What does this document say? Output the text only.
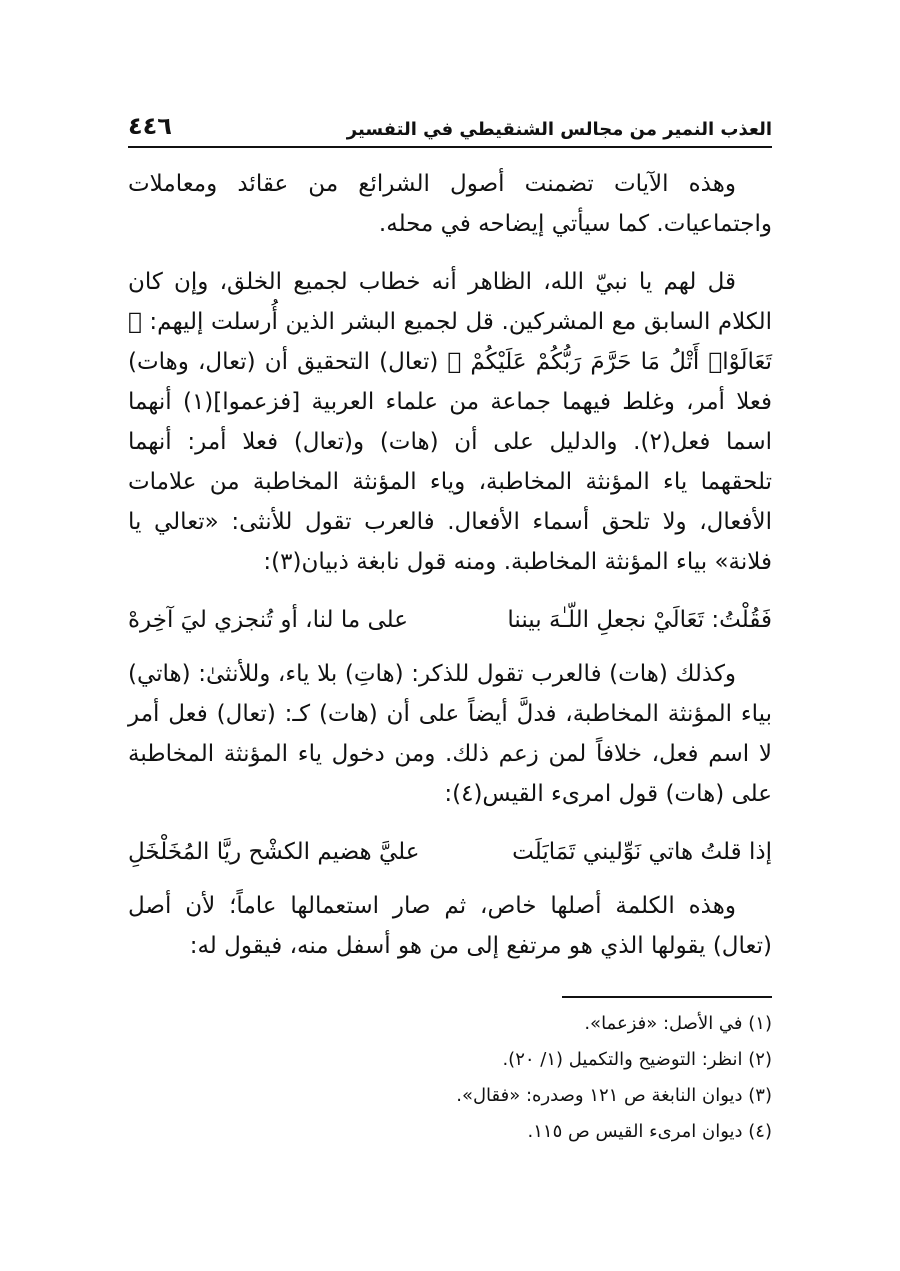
العذب النمير من مجالس الشنقيطي في التفسير
٤٤٦

وهذه الآيات تضمنت أصول الشرائع من عقائد ومعاملات واجتماعيات. كما سيأتي إيضاحه في محله.

قل لهم يا نبيّ الله، الظاهر أنه خطاب لجميع الخلق، وإن كان الكلام السابق مع المشركين. قل لجميع البشر الذين أُرسلت إليهم: ﴿ تَعَالَوْا۟ أَتْلُ مَا حَرَّمَ رَبُّكُمْ عَلَيْكُمْ ﴾ (تعال) التحقيق أن (تعال، وهات) فعلا أمر، وغلط فيهما جماعة من علماء العربية [فزعموا](١) أنهما اسما فعل(٢). والدليل على أن (هات) و(تعال) فعلا أمر: أنهما تلحقهما ياء المؤنثة المخاطبة، وياء المؤنثة المخاطبة من علامات الأفعال، ولا تلحق أسماء الأفعال. فالعرب تقول للأنثى: «تعالي يا فلانة» بياء المؤنثة المخاطبة. ومنه قول نابغة ذبيان(٣):

فَقُلْتُ: تَعَالَيْ نجعلِ اللّـٰهَ بيننا
على ما لنا، أو تُنجزي ليَ آخِرهْ

وكذلك (هات) فالعرب تقول للذكر: (هاتِ) بلا ياء، وللأنثىٰ: (هاتي) بياء المؤنثة المخاطبة، فدلَّ أيضاً على أن (هات) كـ: (تعال) فعل أمر لا اسم فعل، خلافاً لمن زعم ذلك. ومن دخول ياء المؤنثة المخاطبة على (هات) قول امرىء القيس(٤):

إذا قلتُ هاتي نَوِّليني تَمَايَلَت
عليَّ هضيم الكشْح ريَّا المُخَلْخَلِ

وهذه الكلمة أصلها خاص، ثم صار استعمالها عاماً؛ لأن أصل (تعال) يقولها الذي هو مرتفع إلى من هو أسفل منه، فيقول له:

(١) في الأصل: «فزعما».
(٢) انظر: التوضيح والتكميل (١/ ٢٠).
(٣) ديوان النابغة ص ١٢١ وصدره: «فقال».
(٤) ديوان امرىء القيس ص ١١٥.
